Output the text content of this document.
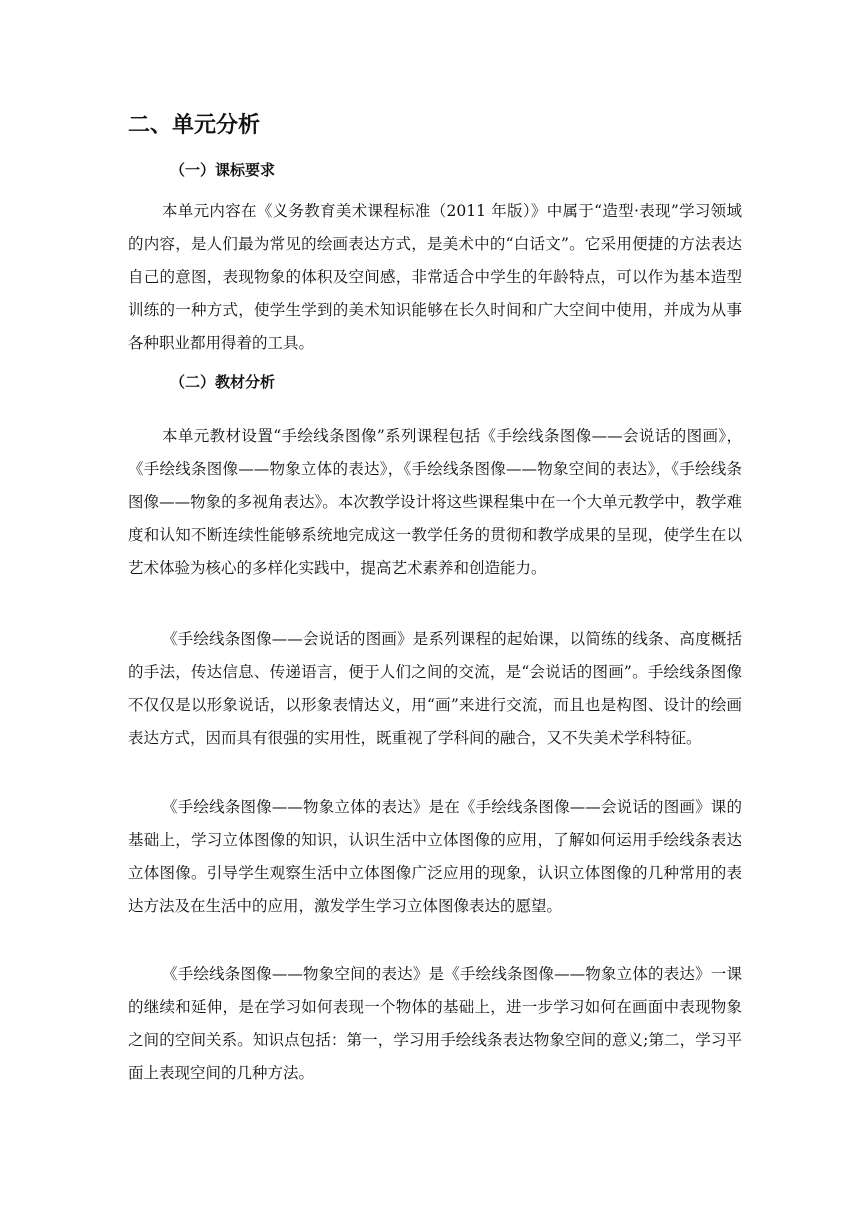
二、单元分析
（一）课标要求

本单元内容在《义务教育美术课程标准（2011 年版）》中属于“造型·表现”学习领域的内容，是人们最为常见的绘画表达方式，是美术中的“白话文”。它采用便捷的方法表达自己的意图，表现物象的体积及空间感，非常适合中学生的年龄特点，可以作为基本造型训练的一种方式，使学生学到的美术知识能够在长久时间和广大空间中使用，并成为从事各种职业都用得着的工具。

（二）教材分析

本单元教材设置“手绘线条图像”系列课程包括《手绘线条图像——会说话的图画》，《手绘线条图像——物象立体的表达》，《手绘线条图像——物象空间的表达》，《手绘线条图像——物象的多视角表达》。本次教学设计将这些课程集中在一个大单元教学中，教学难度和认知不断连续性能够系统地完成这一教学任务的贯彻和教学成果的呈现，使学生在以艺术体验为核心的多样化实践中，提高艺术素养和创造能力。

《手绘线条图像——会说话的图画》是系列课程的起始课，以简练的线条、高度概括的手法，传达信息、传递语言，便于人们之间的交流，是“会说话的图画”。手绘线条图像不仅仅是以形象说话，以形象表情达义，用“画”来进行交流，而且也是构图、设计的绘画表达方式，因而具有很强的实用性，既重视了学科间的融合，又不失美术学科特征。

《手绘线条图像——物象立体的表达》是在《手绘线条图像——会说话的图画》课的基础上，学习立体图像的知识，认识生活中立体图像的应用，了解如何运用手绘线条表达立体图像。引导学生观察生活中立体图像广泛应用的现象，认识立体图像的几种常用的表达方法及在生活中的应用，激发学生学习立体图像表达的愿望。

《手绘线条图像——物象空间的表达》是《手绘线条图像——物象立体的表达》一课的继续和延伸，是在学习如何表现一个物体的基础上，进一步学习如何在画面中表现物象之间的空间关系。知识点包括：第一，学习用手绘线条表达物象空间的意义;第二，学习平面上表现空间的几种方法。
